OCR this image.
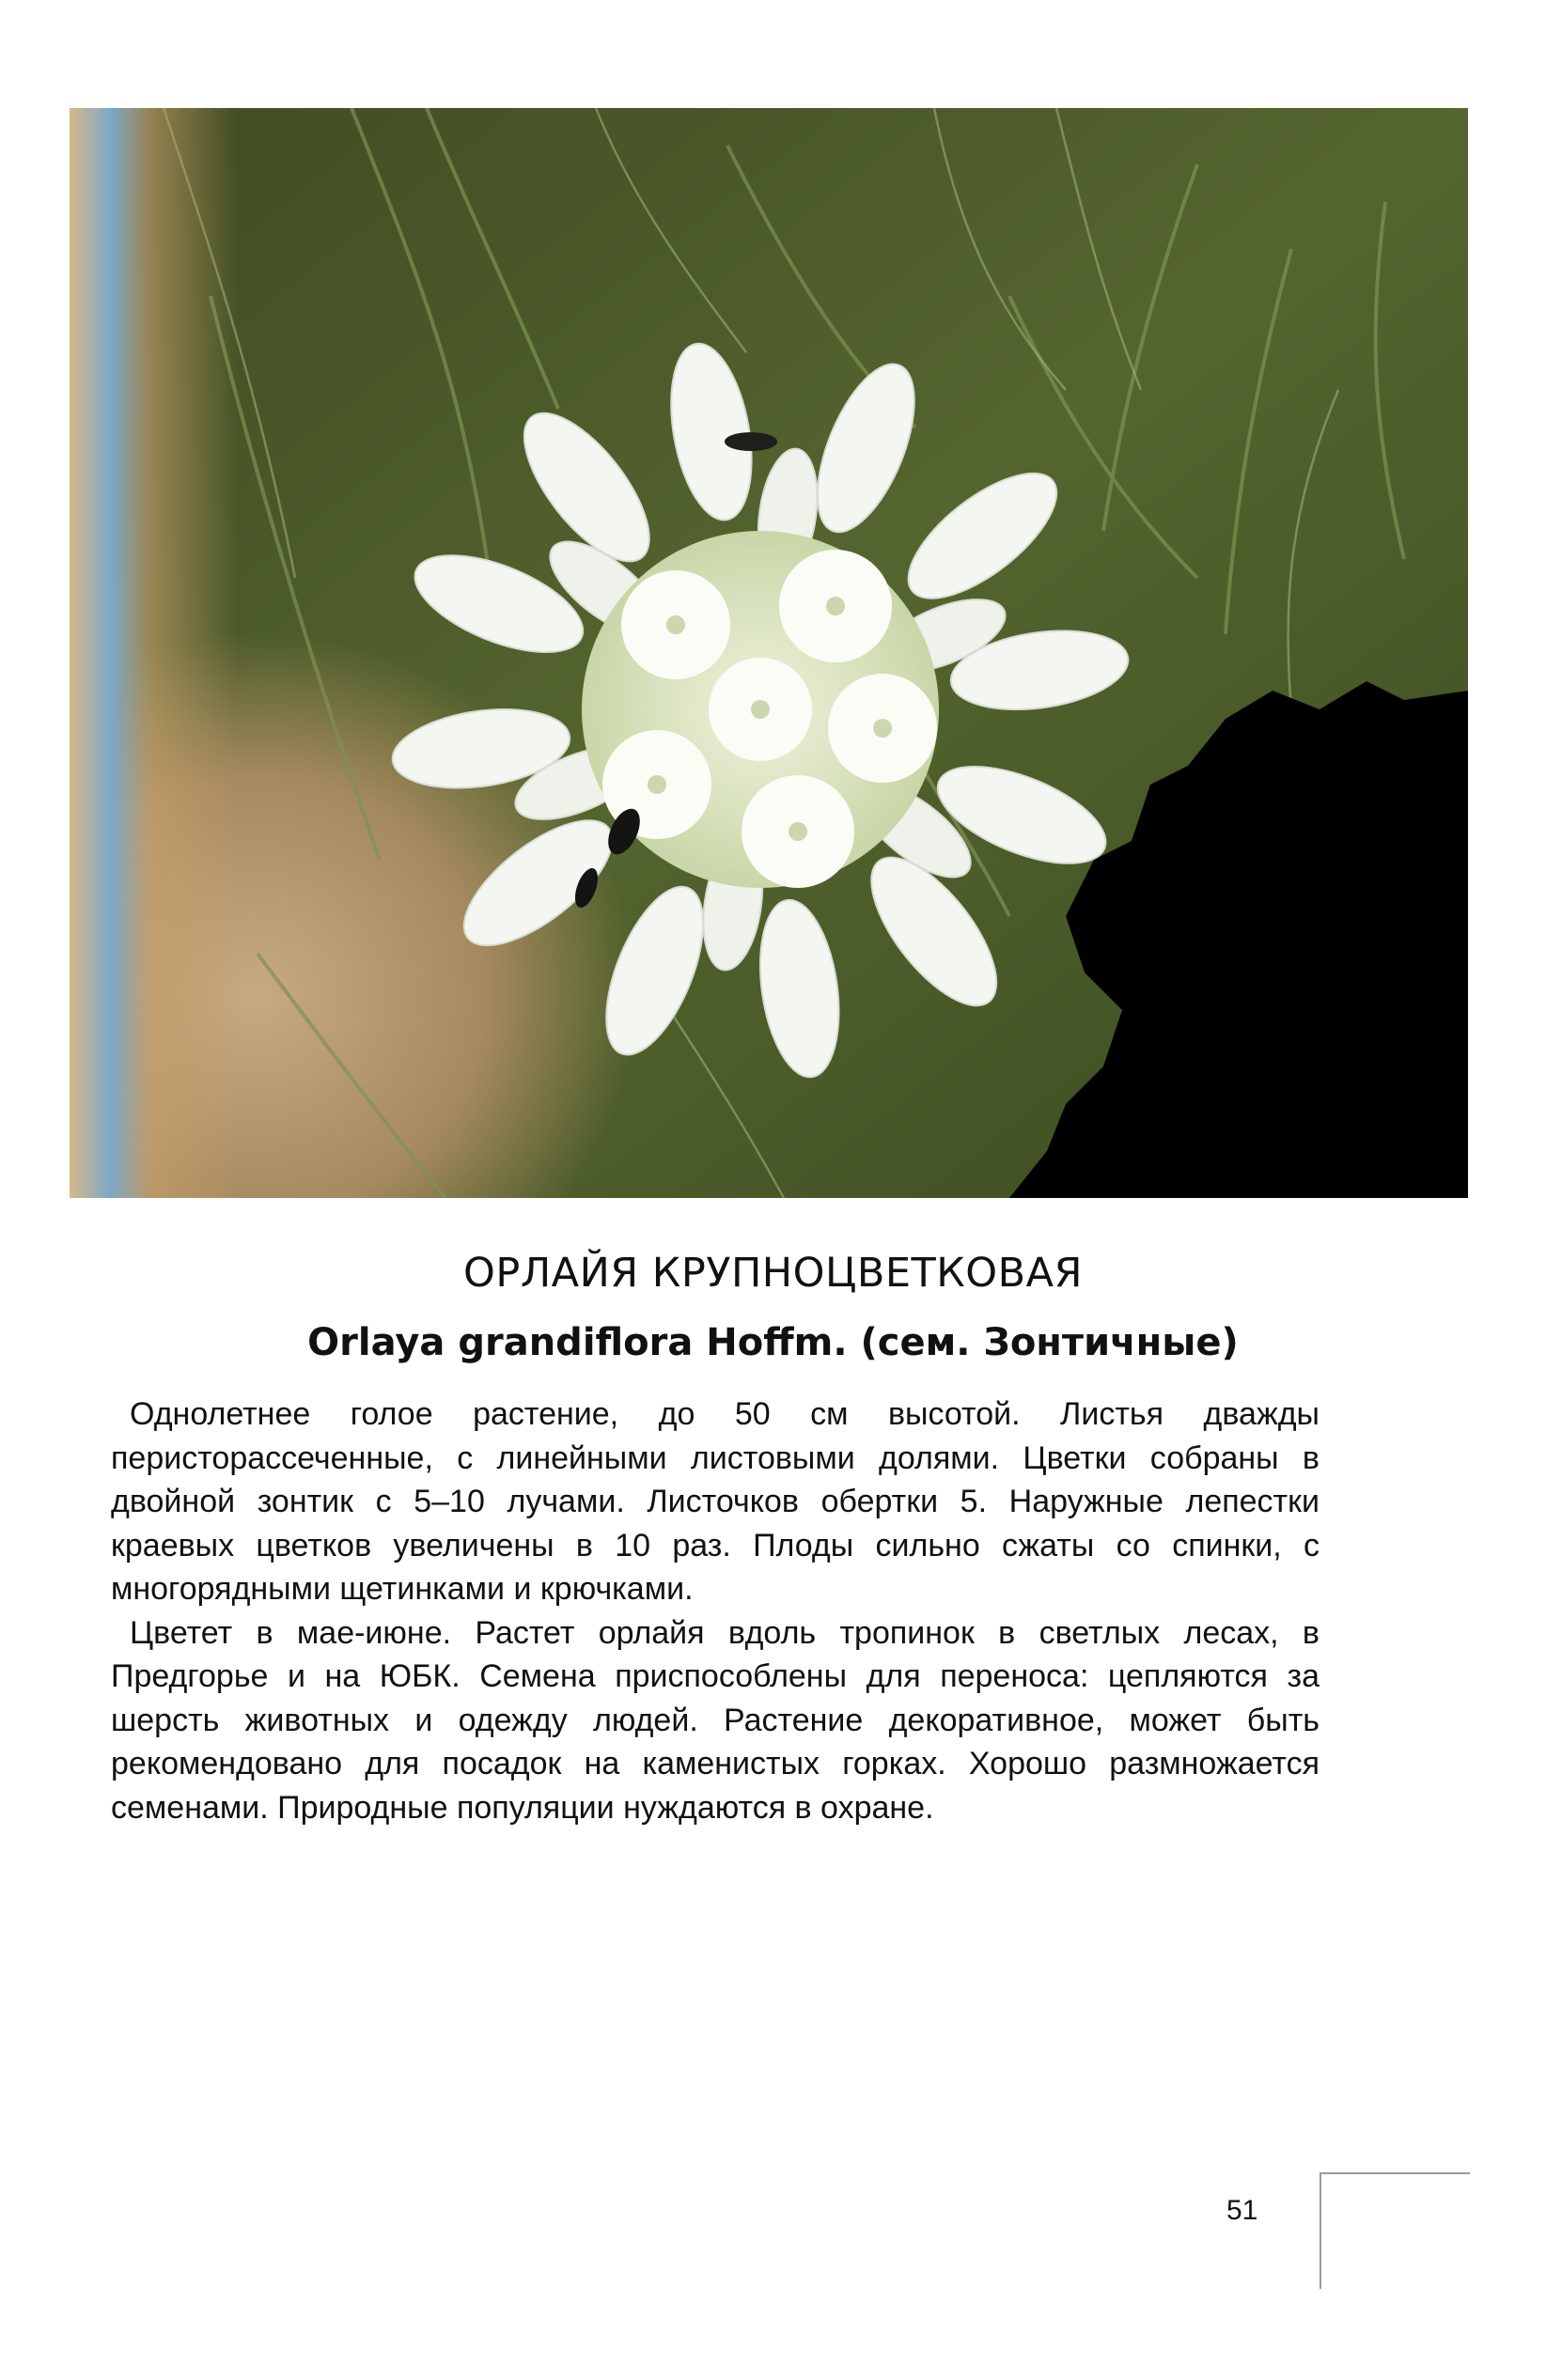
ОРЛАЙЯ КРУПНОЦВЕТКОВАЯ
Orlaya grandiflora Hoffm. (сем. Зонтичные)

Однолетнее голое растение, до 50 см высотой. Листья дважды перисторассеченные, с линейными листовыми долями. Цветки собраны в двойной зонтик с 5–10 лучами. Листочков обертки 5. Наружные лепестки краевых цветков увеличены в 10 раз. Плоды сильно сжаты со спинки, с многорядными щетинками и крючками.

Цветет в мае-июне. Растет орлайя вдоль тропинок в светлых лесах, в Предгорье и на ЮБК. Семена приспособлены для переноса: цепляются за шерсть животных и одежду людей. Растение декоративное, может быть рекомендовано для посадок на каменистых горках. Хорошо размножается семенами. Природные популяции нуждаются в охране.

51
